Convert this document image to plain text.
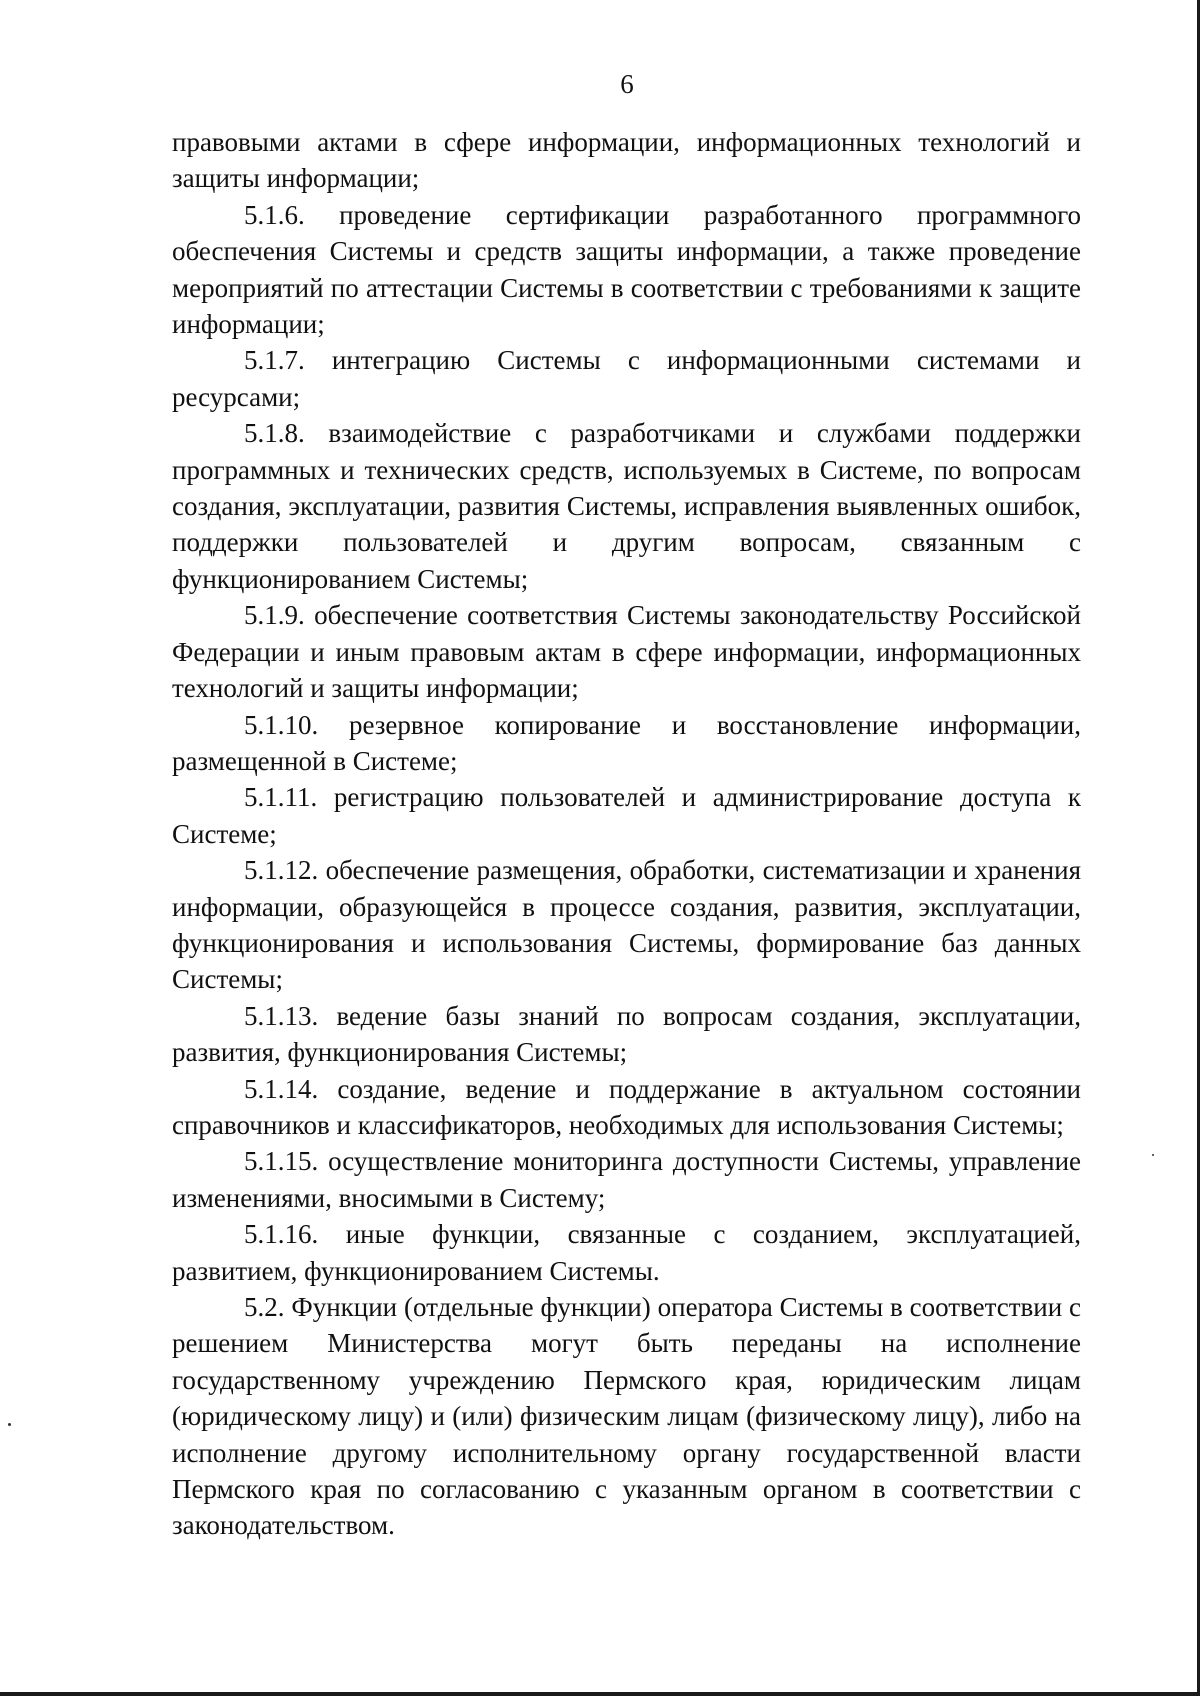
6

правовыми актами в сфере информации, информационных технологий и защиты информации;

5.1.6. проведение сертификации разработанного программного обеспечения Системы и средств защиты информации, а также проведение мероприятий по аттестации Системы в соответствии с требованиями к защите информации;

5.1.7. интеграцию Системы с информационными системами и ресурсами;

5.1.8. взаимодействие с разработчиками и службами поддержки программных и технических средств, используемых в Системе, по вопросам создания, эксплуатации, развития Системы, исправления выявленных ошибок, поддержки пользователей и другим вопросам, связанным с функционированием Системы;

5.1.9. обеспечение соответствия Системы законодательству Российской Федерации и иным правовым актам в сфере информации, информационных технологий и защиты информации;

5.1.10. резервное копирование и восстановление информации, размещенной в Системе;

5.1.11. регистрацию пользователей и администрирование доступа к Системе;

5.1.12. обеспечение размещения, обработки, систематизации и хранения информации, образующейся в процессе создания, развития, эксплуатации, функционирования и использования Системы, формирование баз данных Системы;

5.1.13. ведение базы знаний по вопросам создания, эксплуатации, развития, функционирования Системы;

5.1.14. создание, ведение и поддержание в актуальном состоянии справочников и классификаторов, необходимых для использования Системы;

5.1.15. осуществление мониторинга доступности Системы, управление изменениями, вносимыми в Систему;

5.1.16. иные функции, связанные с созданием, эксплуатацией, развитием, функционированием Системы.

5.2. Функции (отдельные функции) оператора Системы в соответствии с решением Министерства могут быть переданы на исполнение государственному учреждению Пермского края, юридическим лицам (юридическому лицу) и (или) физическим лицам (физическому лицу), либо на исполнение другому исполнительному органу государственной власти Пермского края по согласованию с указанным органом в соответствии с законодательством.
